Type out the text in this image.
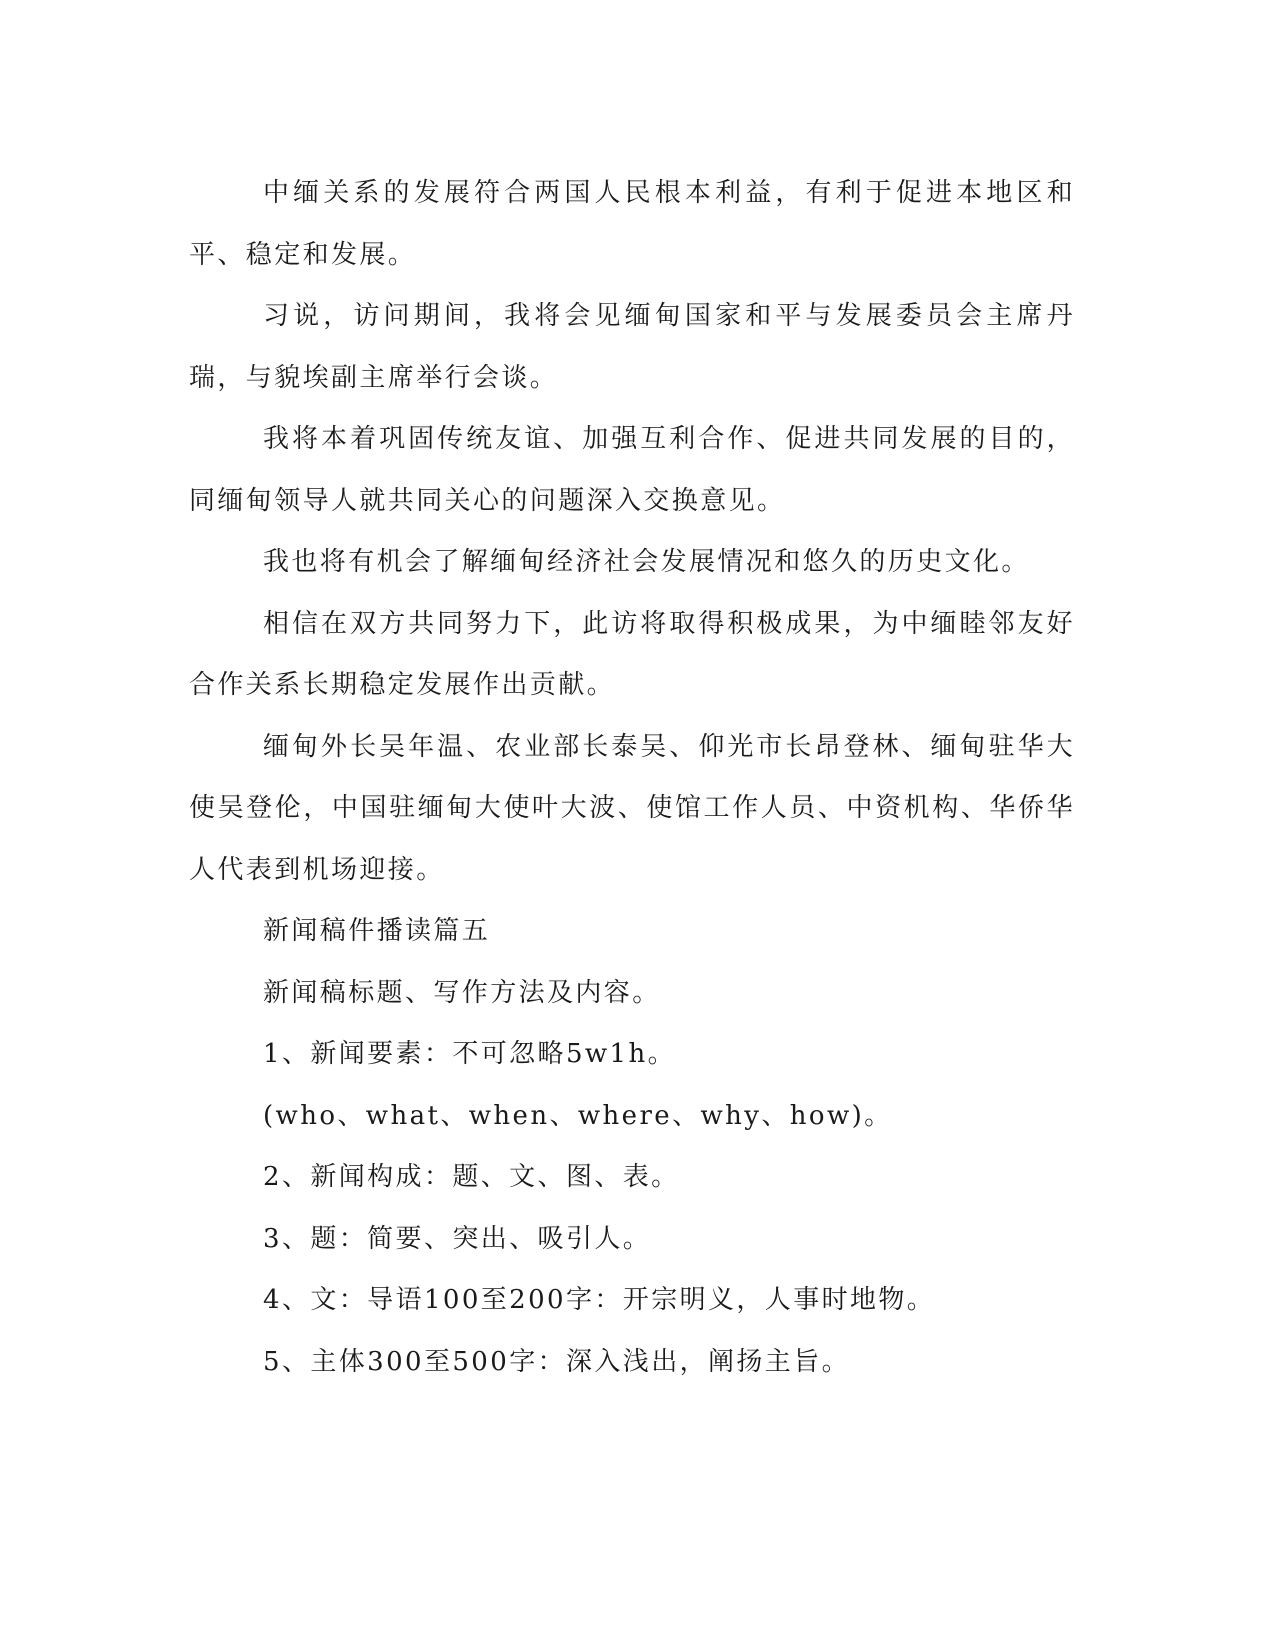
中缅关系的发展符合两国人民根本利益，有利于促进本地区和平、稳定和发展。

习说，访问期间，我将会见缅甸国家和平与发展委员会主席丹瑞，与貌埃副主席举行会谈。

我将本着巩固传统友谊、加强互利合作、促进共同发展的目的，同缅甸领导人就共同关心的问题深入交换意见。

我也将有机会了解缅甸经济社会发展情况和悠久的历史文化。

相信在双方共同努力下，此访将取得积极成果，为中缅睦邻友好合作关系长期稳定发展作出贡献。

缅甸外长吴年温、农业部长泰吴、仰光市长昂登林、缅甸驻华大使吴登伦，中国驻缅甸大使叶大波、使馆工作人员、中资机构、华侨华人代表到机场迎接。

新闻稿件播读篇五

新闻稿标题、写作方法及内容。

1、新闻要素：不可忽略5w1h。

(who、what、when、where、why、how)。

2、新闻构成：题、文、图、表。

3、题：简要、突出、吸引人。

4、文：导语100至200字：开宗明义，人事时地物。

5、主体300至500字：深入浅出，阐扬主旨。
